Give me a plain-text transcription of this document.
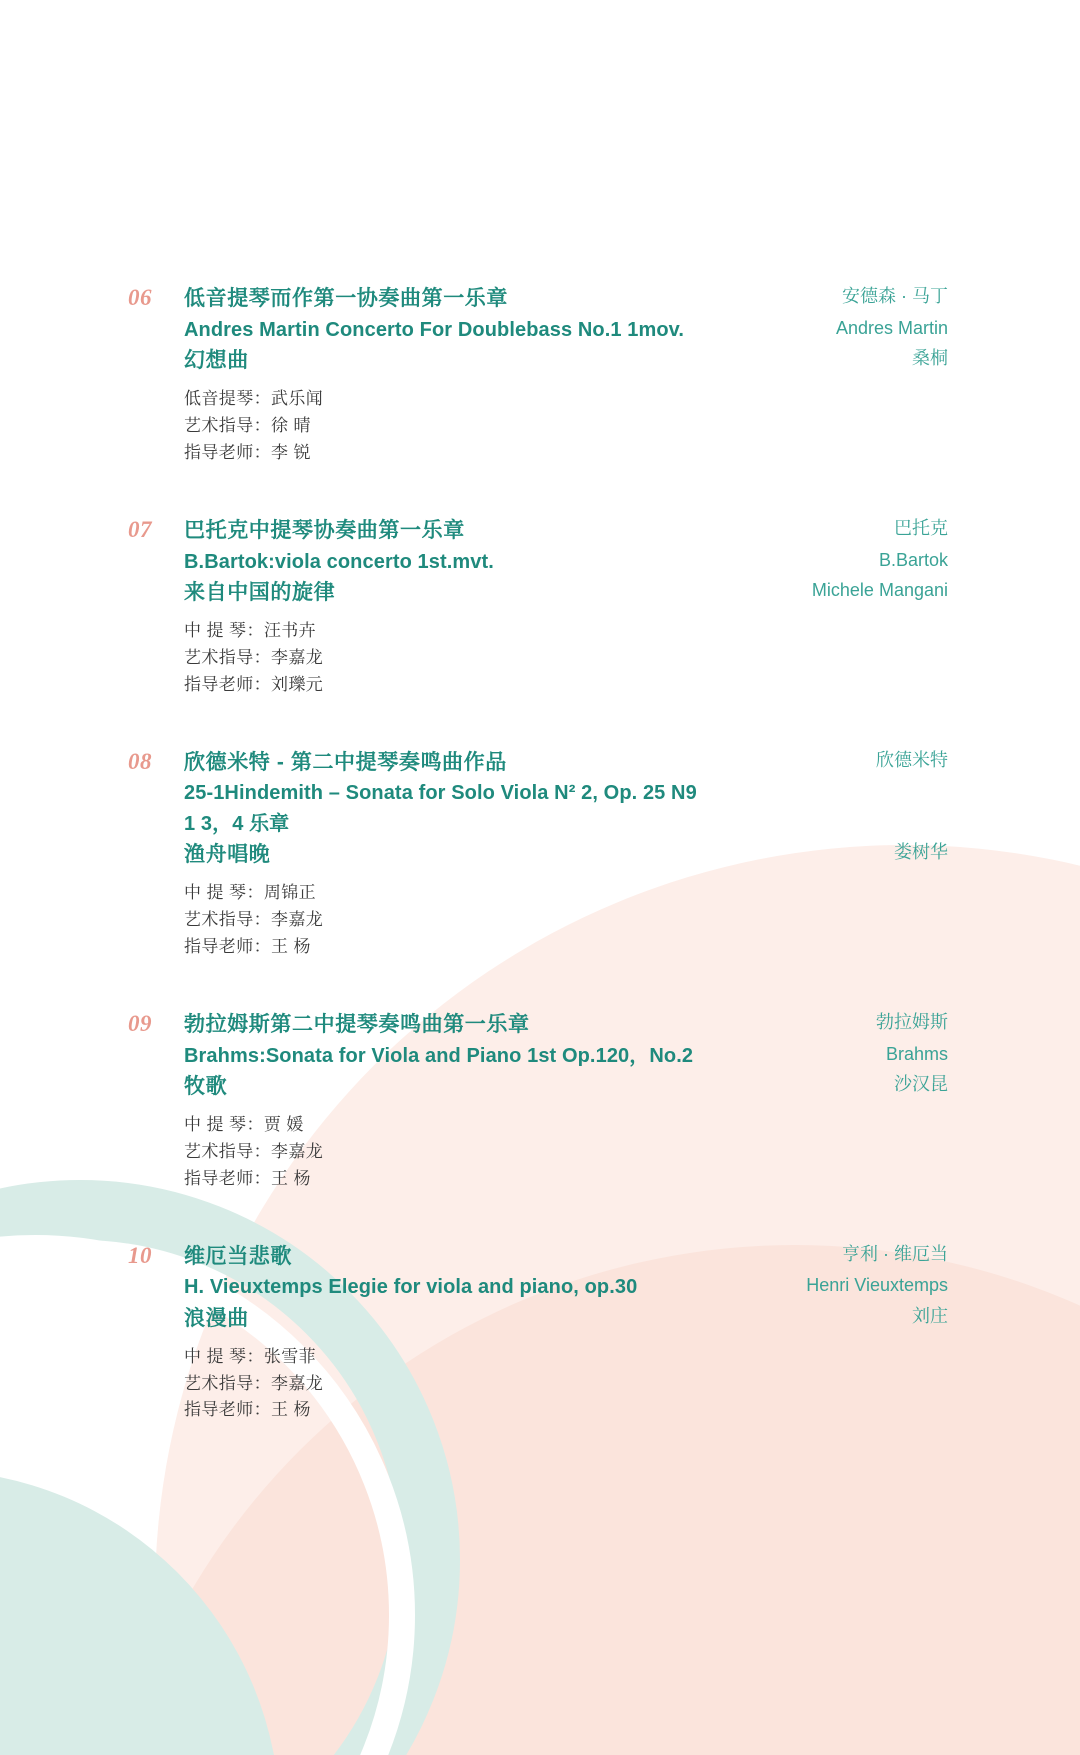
06	低音提琴而作第一协奏曲第一乐章	安德森 · 马丁
Andres Martin Concerto For Doublebass No.1 1mov.	Andres Martin
幻想曲	桑桐
低音提琴：武乐闻
艺术指导：徐 晴
指导老师：李 锐
07	巴托克中提琴协奏曲第一乐章	巴托克
B.Bartok:viola concerto 1st.mvt.	B.Bartok
来自中国的旋律	Michele Mangani
中 提 琴：汪书卉
艺术指导：李嘉龙
指导老师：刘瓅元
08	欣德米特 - 第二中提琴奏鸣曲作品	欣德米特
25-1Hindemith – Sonata for Solo Viola N² 2, Op. 25 N9 1 3，4 乐章
渔舟唱晚	娄树华
中 提 琴：周锦正
艺术指导：李嘉龙
指导老师：王 杨
09	勃拉姆斯第二中提琴奏鸣曲第一乐章	勃拉姆斯
Brahms:Sonata for Viola and Piano 1st Op.120，No.2	Brahms
牧歌	沙汉昆
中 提 琴：贾 媛
艺术指导：李嘉龙
指导老师：王 杨
10	维厄当悲歌	亨利 · 维厄当
H. Vieuxtemps Elegie for viola and piano, op.30	Henri Vieuxtemps
浪漫曲	刘庄
中 提 琴：张雪菲
艺术指导：李嘉龙
指导老师：王 杨
